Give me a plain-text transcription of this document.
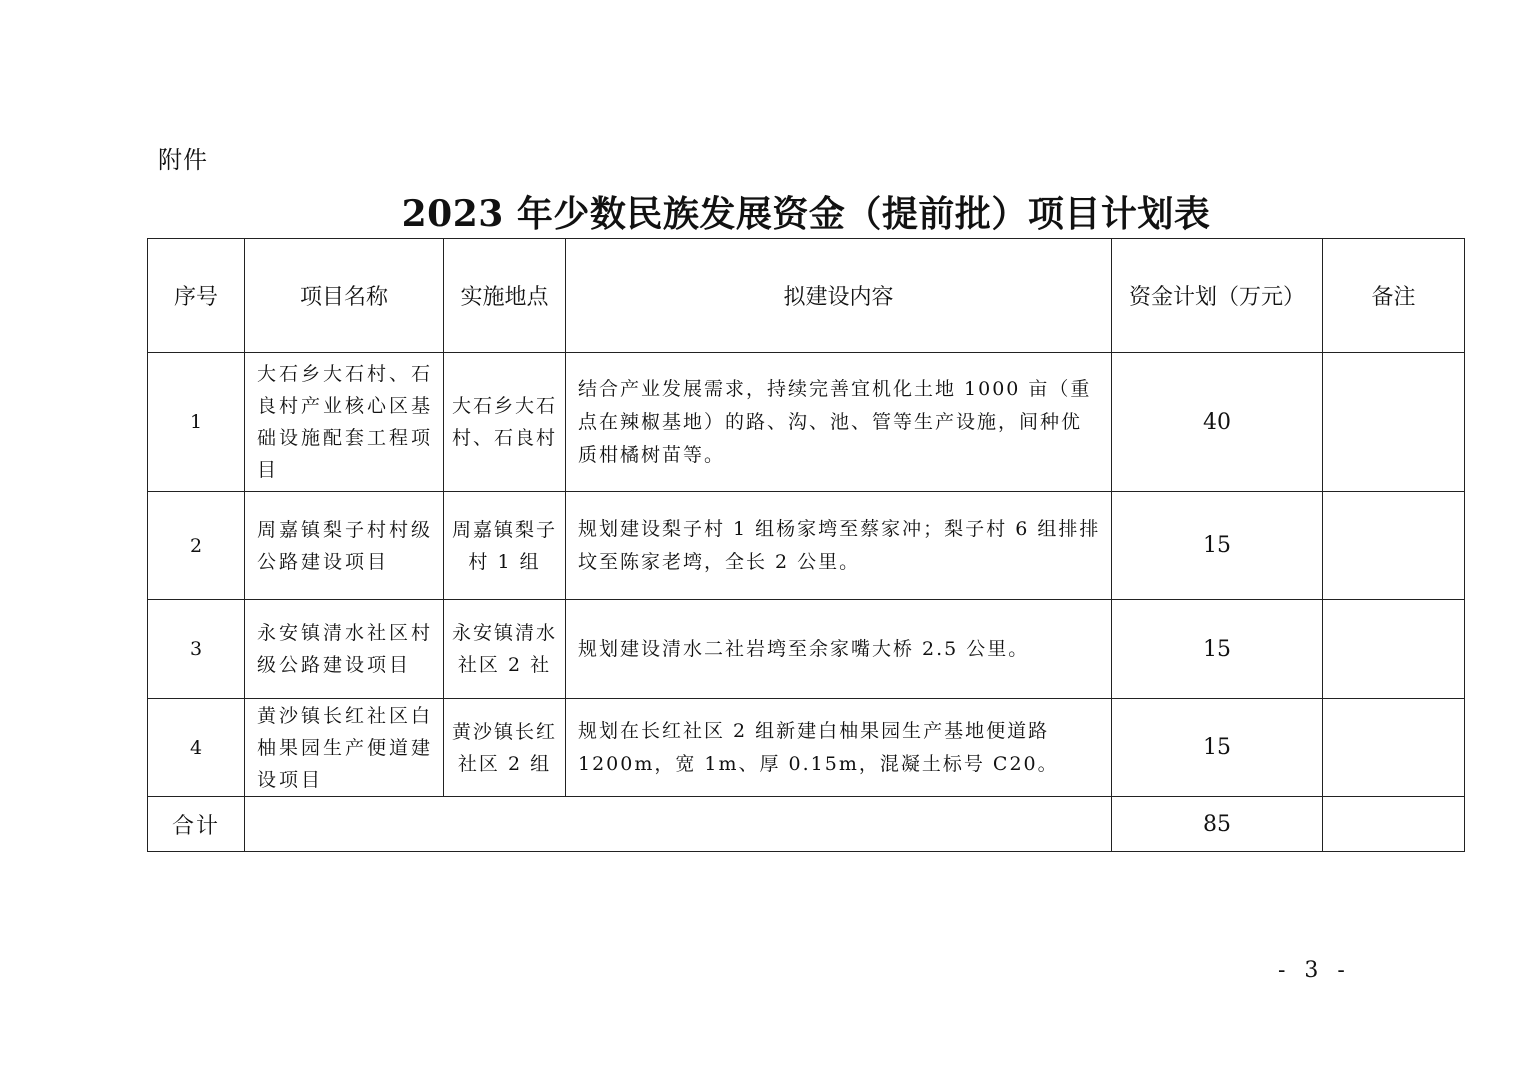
附件
2023 年少数民族发展资金（提前批）项目计划表
序号	项目名称	实施地点	拟建设内容	资金计划（万元）	备注
1	大石乡大石村、石良村产业核心区基础设施配套工程项目	大石乡大石村、石良村	结合产业发展需求，持续完善宜机化土地 1000 亩（重点在辣椒基地）的路、沟、池、管等生产设施，间种优质柑橘树苗等。	40	
2	周嘉镇梨子村村级公路建设项目	周嘉镇梨子村 1 组	规划建设梨子村 1 组杨家塆至蔡家冲；梨子村 6 组排排坟至陈家老塆，全长 2 公里。	15	
3	永安镇清水社区村级公路建设项目	永安镇清水社区 2 社	规划建设清水二社岩塆至余家嘴大桥 2.5 公里。	15	
4	黄沙镇长红社区白柚果园生产便道建设项目	黄沙镇长红社区 2 组	规划在长红社区 2 组新建白柚果园生产基地便道路 1200m，宽 1m、厚 0.15m，混凝土标号 C20。	15	
合计				85	
- 3 -
